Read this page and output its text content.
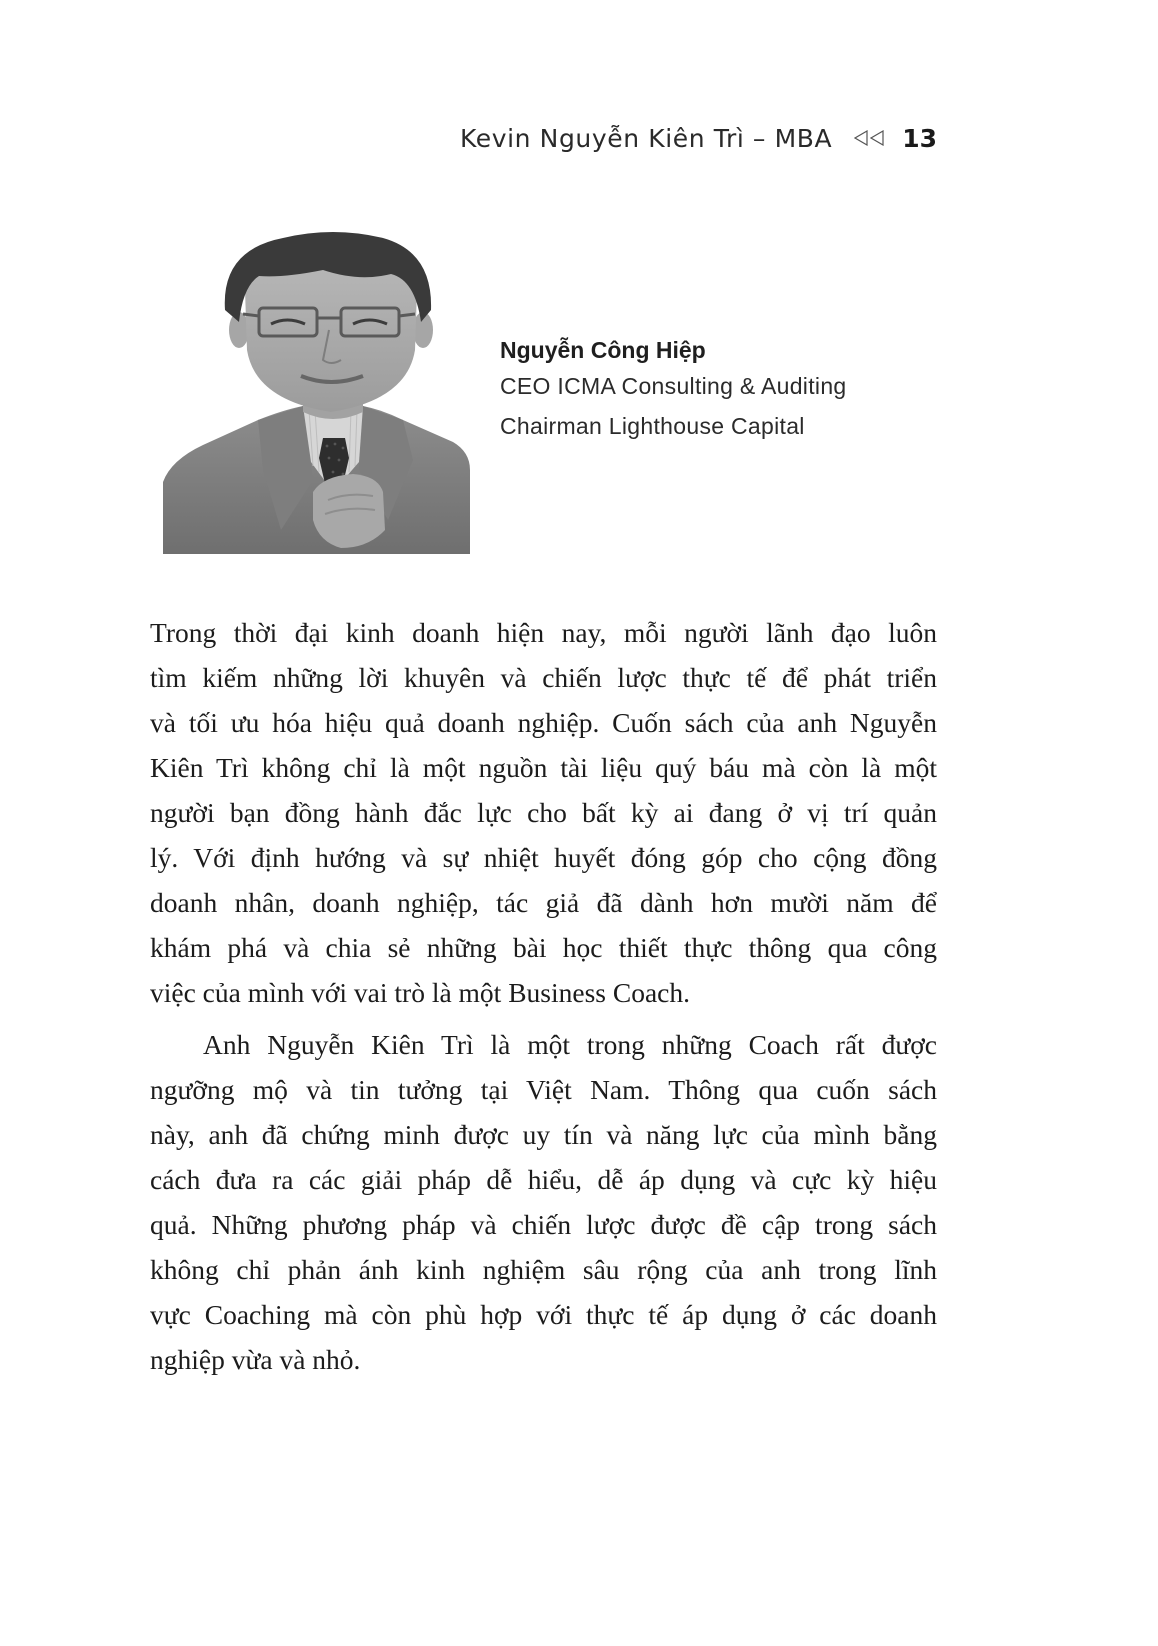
Kevin Nguyễn Kiên Trì – MBA	13
Nguyễn Công Hiệp
CEO ICMA Consulting & Auditing
Chairman Lighthouse Capital

Trong thời đại kinh doanh hiện nay, mỗi người lãnh đạo luôn
tìm kiếm những lời khuyên và chiến lược thực tế để phát triển
và tối ưu hóa hiệu quả doanh nghiệp. Cuốn sách của anh Nguyễn
Kiên Trì không chỉ là một nguồn tài liệu quý báu mà còn là một
người bạn đồng hành đắc lực cho bất kỳ ai đang ở vị trí quản
lý. Với định hướng và sự nhiệt huyết đóng góp cho cộng đồng
doanh nhân, doanh nghiệp, tác giả đã dành hơn mười năm để
khám phá và chia sẻ những bài học thiết thực thông qua công
việc của mình với vai trò là một Business Coach.

Anh Nguyễn Kiên Trì là một trong những Coach rất được
ngưỡng mộ và tin tưởng tại Việt Nam. Thông qua cuốn sách
này, anh đã chứng minh được uy tín và năng lực của mình bằng
cách đưa ra các giải pháp dễ hiểu, dễ áp dụng và cực kỳ hiệu
quả. Những phương pháp và chiến lược được đề cập trong sách
không chỉ phản ánh kinh nghiệm sâu rộng của anh trong lĩnh
vực Coaching mà còn phù hợp với thực tế áp dụng ở các doanh
nghiệp vừa và nhỏ.
